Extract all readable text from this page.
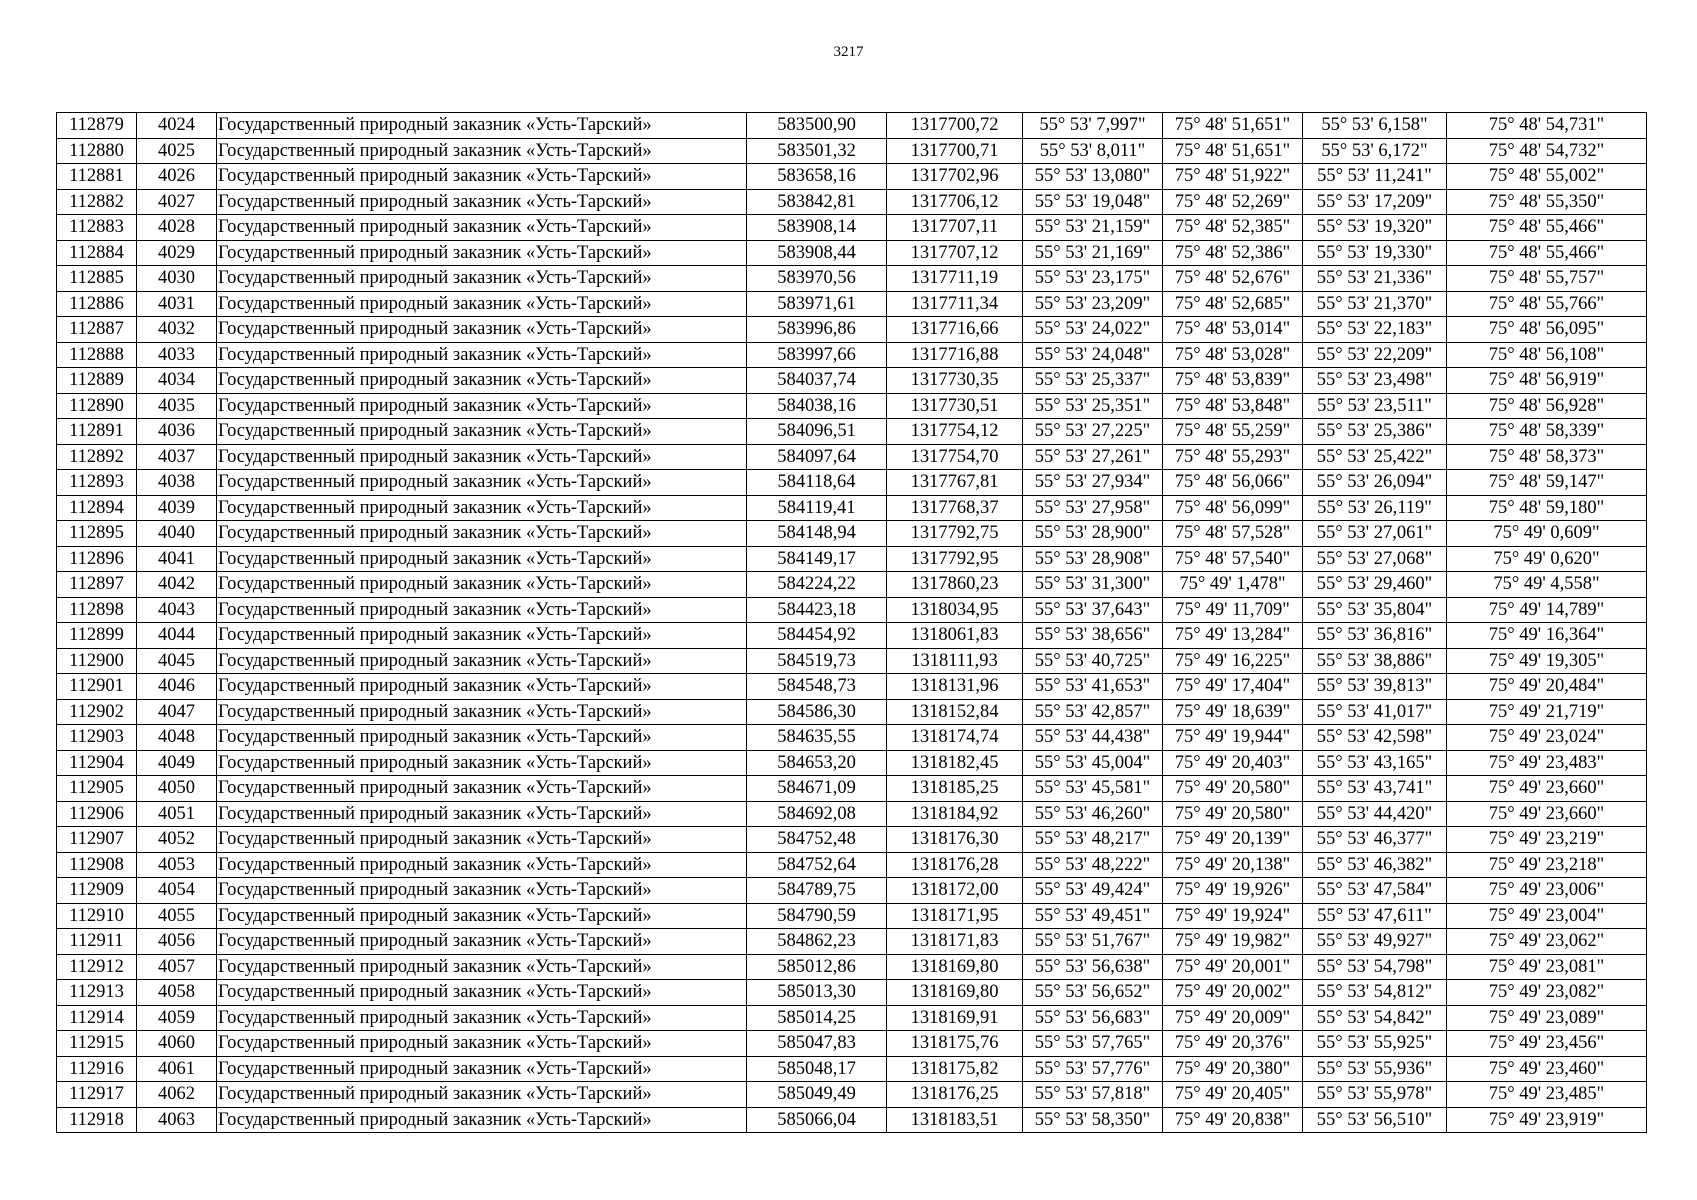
3217
112879	4024	Государственный природный заказник «Усть-Тарский»	583500,90	1317700,72	55° 53' 7,997"	75° 48' 51,651"	55° 53' 6,158"	75° 48' 54,731"
112880	4025	Государственный природный заказник «Усть-Тарский»	583501,32	1317700,71	55° 53' 8,011"	75° 48' 51,651"	55° 53' 6,172"	75° 48' 54,732"
112881	4026	Государственный природный заказник «Усть-Тарский»	583658,16	1317702,96	55° 53' 13,080"	75° 48' 51,922"	55° 53' 11,241"	75° 48' 55,002"
112882	4027	Государственный природный заказник «Усть-Тарский»	583842,81	1317706,12	55° 53' 19,048"	75° 48' 52,269"	55° 53' 17,209"	75° 48' 55,350"
112883	4028	Государственный природный заказник «Усть-Тарский»	583908,14	1317707,11	55° 53' 21,159"	75° 48' 52,385"	55° 53' 19,320"	75° 48' 55,466"
112884	4029	Государственный природный заказник «Усть-Тарский»	583908,44	1317707,12	55° 53' 21,169"	75° 48' 52,386"	55° 53' 19,330"	75° 48' 55,466"
112885	4030	Государственный природный заказник «Усть-Тарский»	583970,56	1317711,19	55° 53' 23,175"	75° 48' 52,676"	55° 53' 21,336"	75° 48' 55,757"
112886	4031	Государственный природный заказник «Усть-Тарский»	583971,61	1317711,34	55° 53' 23,209"	75° 48' 52,685"	55° 53' 21,370"	75° 48' 55,766"
112887	4032	Государственный природный заказник «Усть-Тарский»	583996,86	1317716,66	55° 53' 24,022"	75° 48' 53,014"	55° 53' 22,183"	75° 48' 56,095"
112888	4033	Государственный природный заказник «Усть-Тарский»	583997,66	1317716,88	55° 53' 24,048"	75° 48' 53,028"	55° 53' 22,209"	75° 48' 56,108"
112889	4034	Государственный природный заказник «Усть-Тарский»	584037,74	1317730,35	55° 53' 25,337"	75° 48' 53,839"	55° 53' 23,498"	75° 48' 56,919"
112890	4035	Государственный природный заказник «Усть-Тарский»	584038,16	1317730,51	55° 53' 25,351"	75° 48' 53,848"	55° 53' 23,511"	75° 48' 56,928"
112891	4036	Государственный природный заказник «Усть-Тарский»	584096,51	1317754,12	55° 53' 27,225"	75° 48' 55,259"	55° 53' 25,386"	75° 48' 58,339"
112892	4037	Государственный природный заказник «Усть-Тарский»	584097,64	1317754,70	55° 53' 27,261"	75° 48' 55,293"	55° 53' 25,422"	75° 48' 58,373"
112893	4038	Государственный природный заказник «Усть-Тарский»	584118,64	1317767,81	55° 53' 27,934"	75° 48' 56,066"	55° 53' 26,094"	75° 48' 59,147"
112894	4039	Государственный природный заказник «Усть-Тарский»	584119,41	1317768,37	55° 53' 27,958"	75° 48' 56,099"	55° 53' 26,119"	75° 48' 59,180"
112895	4040	Государственный природный заказник «Усть-Тарский»	584148,94	1317792,75	55° 53' 28,900"	75° 48' 57,528"	55° 53' 27,061"	75° 49' 0,609"
112896	4041	Государственный природный заказник «Усть-Тарский»	584149,17	1317792,95	55° 53' 28,908"	75° 48' 57,540"	55° 53' 27,068"	75° 49' 0,620"
112897	4042	Государственный природный заказник «Усть-Тарский»	584224,22	1317860,23	55° 53' 31,300"	75° 49' 1,478"	55° 53' 29,460"	75° 49' 4,558"
112898	4043	Государственный природный заказник «Усть-Тарский»	584423,18	1318034,95	55° 53' 37,643"	75° 49' 11,709"	55° 53' 35,804"	75° 49' 14,789"
112899	4044	Государственный природный заказник «Усть-Тарский»	584454,92	1318061,83	55° 53' 38,656"	75° 49' 13,284"	55° 53' 36,816"	75° 49' 16,364"
112900	4045	Государственный природный заказник «Усть-Тарский»	584519,73	1318111,93	55° 53' 40,725"	75° 49' 16,225"	55° 53' 38,886"	75° 49' 19,305"
112901	4046	Государственный природный заказник «Усть-Тарский»	584548,73	1318131,96	55° 53' 41,653"	75° 49' 17,404"	55° 53' 39,813"	75° 49' 20,484"
112902	4047	Государственный природный заказник «Усть-Тарский»	584586,30	1318152,84	55° 53' 42,857"	75° 49' 18,639"	55° 53' 41,017"	75° 49' 21,719"
112903	4048	Государственный природный заказник «Усть-Тарский»	584635,55	1318174,74	55° 53' 44,438"	75° 49' 19,944"	55° 53' 42,598"	75° 49' 23,024"
112904	4049	Государственный природный заказник «Усть-Тарский»	584653,20	1318182,45	55° 53' 45,004"	75° 49' 20,403"	55° 53' 43,165"	75° 49' 23,483"
112905	4050	Государственный природный заказник «Усть-Тарский»	584671,09	1318185,25	55° 53' 45,581"	75° 49' 20,580"	55° 53' 43,741"	75° 49' 23,660"
112906	4051	Государственный природный заказник «Усть-Тарский»	584692,08	1318184,92	55° 53' 46,260"	75° 49' 20,580"	55° 53' 44,420"	75° 49' 23,660"
112907	4052	Государственный природный заказник «Усть-Тарский»	584752,48	1318176,30	55° 53' 48,217"	75° 49' 20,139"	55° 53' 46,377"	75° 49' 23,219"
112908	4053	Государственный природный заказник «Усть-Тарский»	584752,64	1318176,28	55° 53' 48,222"	75° 49' 20,138"	55° 53' 46,382"	75° 49' 23,218"
112909	4054	Государственный природный заказник «Усть-Тарский»	584789,75	1318172,00	55° 53' 49,424"	75° 49' 19,926"	55° 53' 47,584"	75° 49' 23,006"
112910	4055	Государственный природный заказник «Усть-Тарский»	584790,59	1318171,95	55° 53' 49,451"	75° 49' 19,924"	55° 53' 47,611"	75° 49' 23,004"
112911	4056	Государственный природный заказник «Усть-Тарский»	584862,23	1318171,83	55° 53' 51,767"	75° 49' 19,982"	55° 53' 49,927"	75° 49' 23,062"
112912	4057	Государственный природный заказник «Усть-Тарский»	585012,86	1318169,80	55° 53' 56,638"	75° 49' 20,001"	55° 53' 54,798"	75° 49' 23,081"
112913	4058	Государственный природный заказник «Усть-Тарский»	585013,30	1318169,80	55° 53' 56,652"	75° 49' 20,002"	55° 53' 54,812"	75° 49' 23,082"
112914	4059	Государственный природный заказник «Усть-Тарский»	585014,25	1318169,91	55° 53' 56,683"	75° 49' 20,009"	55° 53' 54,842"	75° 49' 23,089"
112915	4060	Государственный природный заказник «Усть-Тарский»	585047,83	1318175,76	55° 53' 57,765"	75° 49' 20,376"	55° 53' 55,925"	75° 49' 23,456"
112916	4061	Государственный природный заказник «Усть-Тарский»	585048,17	1318175,82	55° 53' 57,776"	75° 49' 20,380"	55° 53' 55,936"	75° 49' 23,460"
112917	4062	Государственный природный заказник «Усть-Тарский»	585049,49	1318176,25	55° 53' 57,818"	75° 49' 20,405"	55° 53' 55,978"	75° 49' 23,485"
112918	4063	Государственный природный заказник «Усть-Тарский»	585066,04	1318183,51	55° 53' 58,350"	75° 49' 20,838"	55° 53' 56,510"	75° 49' 23,919"
